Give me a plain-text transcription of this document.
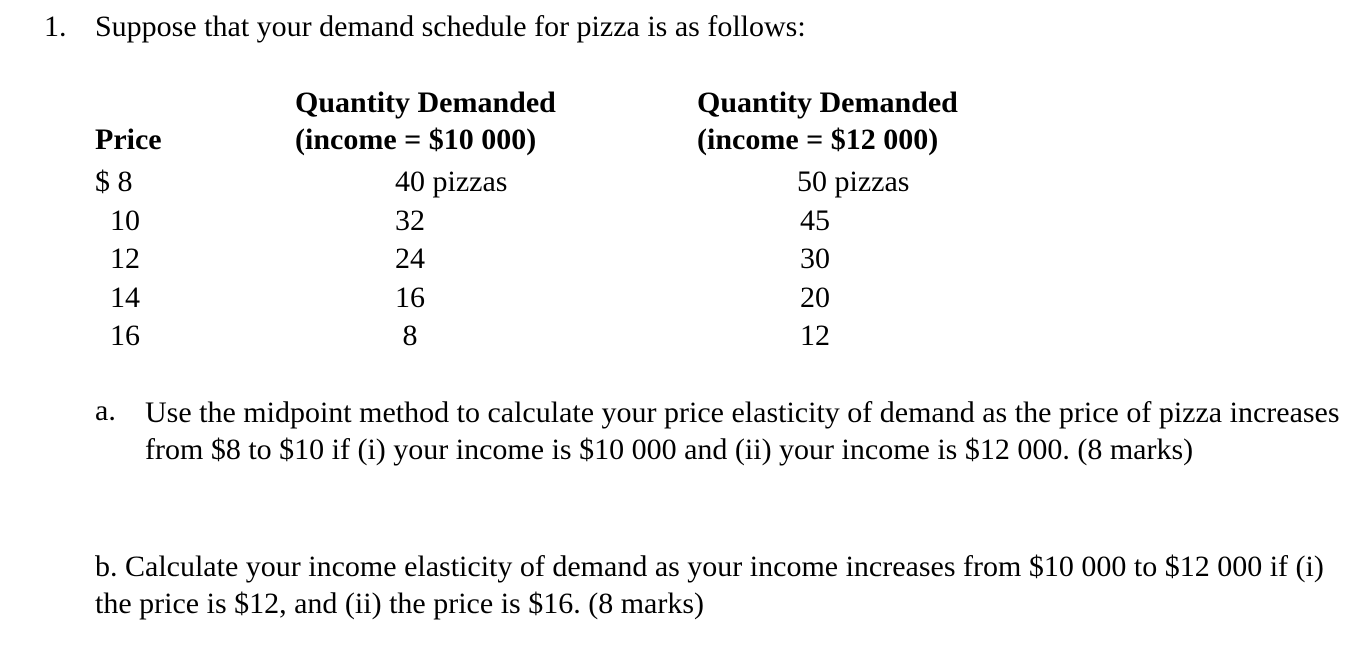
1. Suppose that your demand schedule for pizza is as follows:
Price
Quantity Demanded
(income = $10 000)
Quantity Demanded
(income = $12 000)
$ 8
10
12
14
16
40 pizzas
32
24
16
8
50 pizzas
45
30
20
12
a. Use the midpoint method to calculate your price elasticity of demand as the price of pizza increases from $8 to $10 if (i) your income is $10 000 and (ii) your income is $12 000. (8 marks)
b. Calculate your income elasticity of demand as your income increases from $10 000 to $12 000 if (i) the price is $12, and (ii) the price is $16. (8 marks)
